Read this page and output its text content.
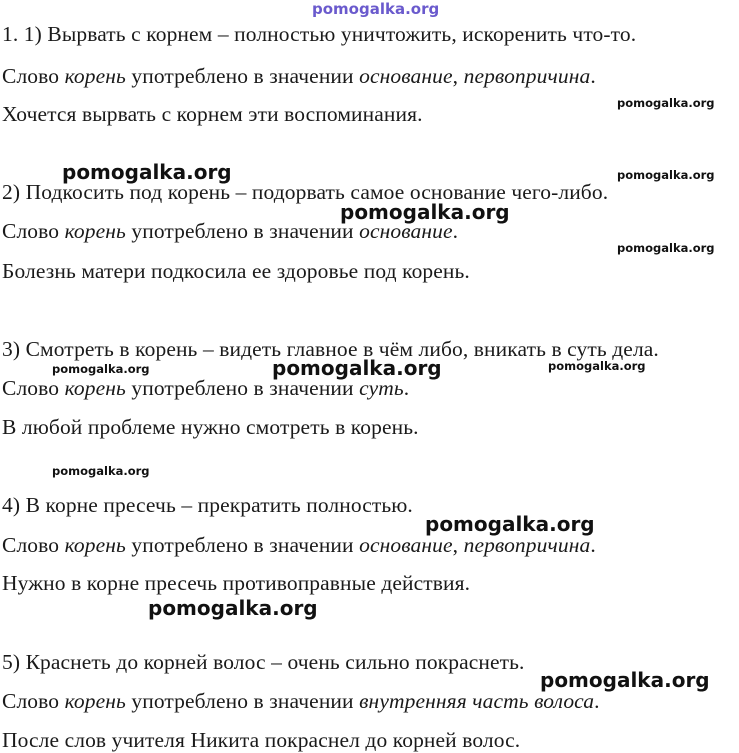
pomogalka.org
1. 1) Вырвать с корнем – полностью уничтожить, искоренить что-то.
Слово корень употреблено в значении основание, первопричина.
Хочется вырвать с корнем эти воспоминания.
2) Подкосить под корень – подорвать самое основание чего-либо.
Слово корень употреблено в значении основание.
Болезнь матери подкосила ее здоровье под корень.
3) Смотреть в корень – видеть главное в чём либо, вникать в суть дела.
Слово корень употреблено в значении суть.
В любой проблеме нужно смотреть в корень.
4) В корне пресечь – прекратить полностью.
Слово корень употреблено в значении основание, первопричина.
Нужно в корне пресечь противоправные действия.
5) Краснеть до корней волос – очень сильно покраснеть.
Слово корень употреблено в значении внутренняя часть волоса.
После слов учителя Никита покраснел до корней волос.
pomogalka.org
pomogalka.org	pomogalka.org
pomogalka.org
pomogalka.org
pomogalka.org
pomogalka.org	pomogalka.org
pomogalka.org
pomogalka.org
pomogalka.org
pomogalka.org
